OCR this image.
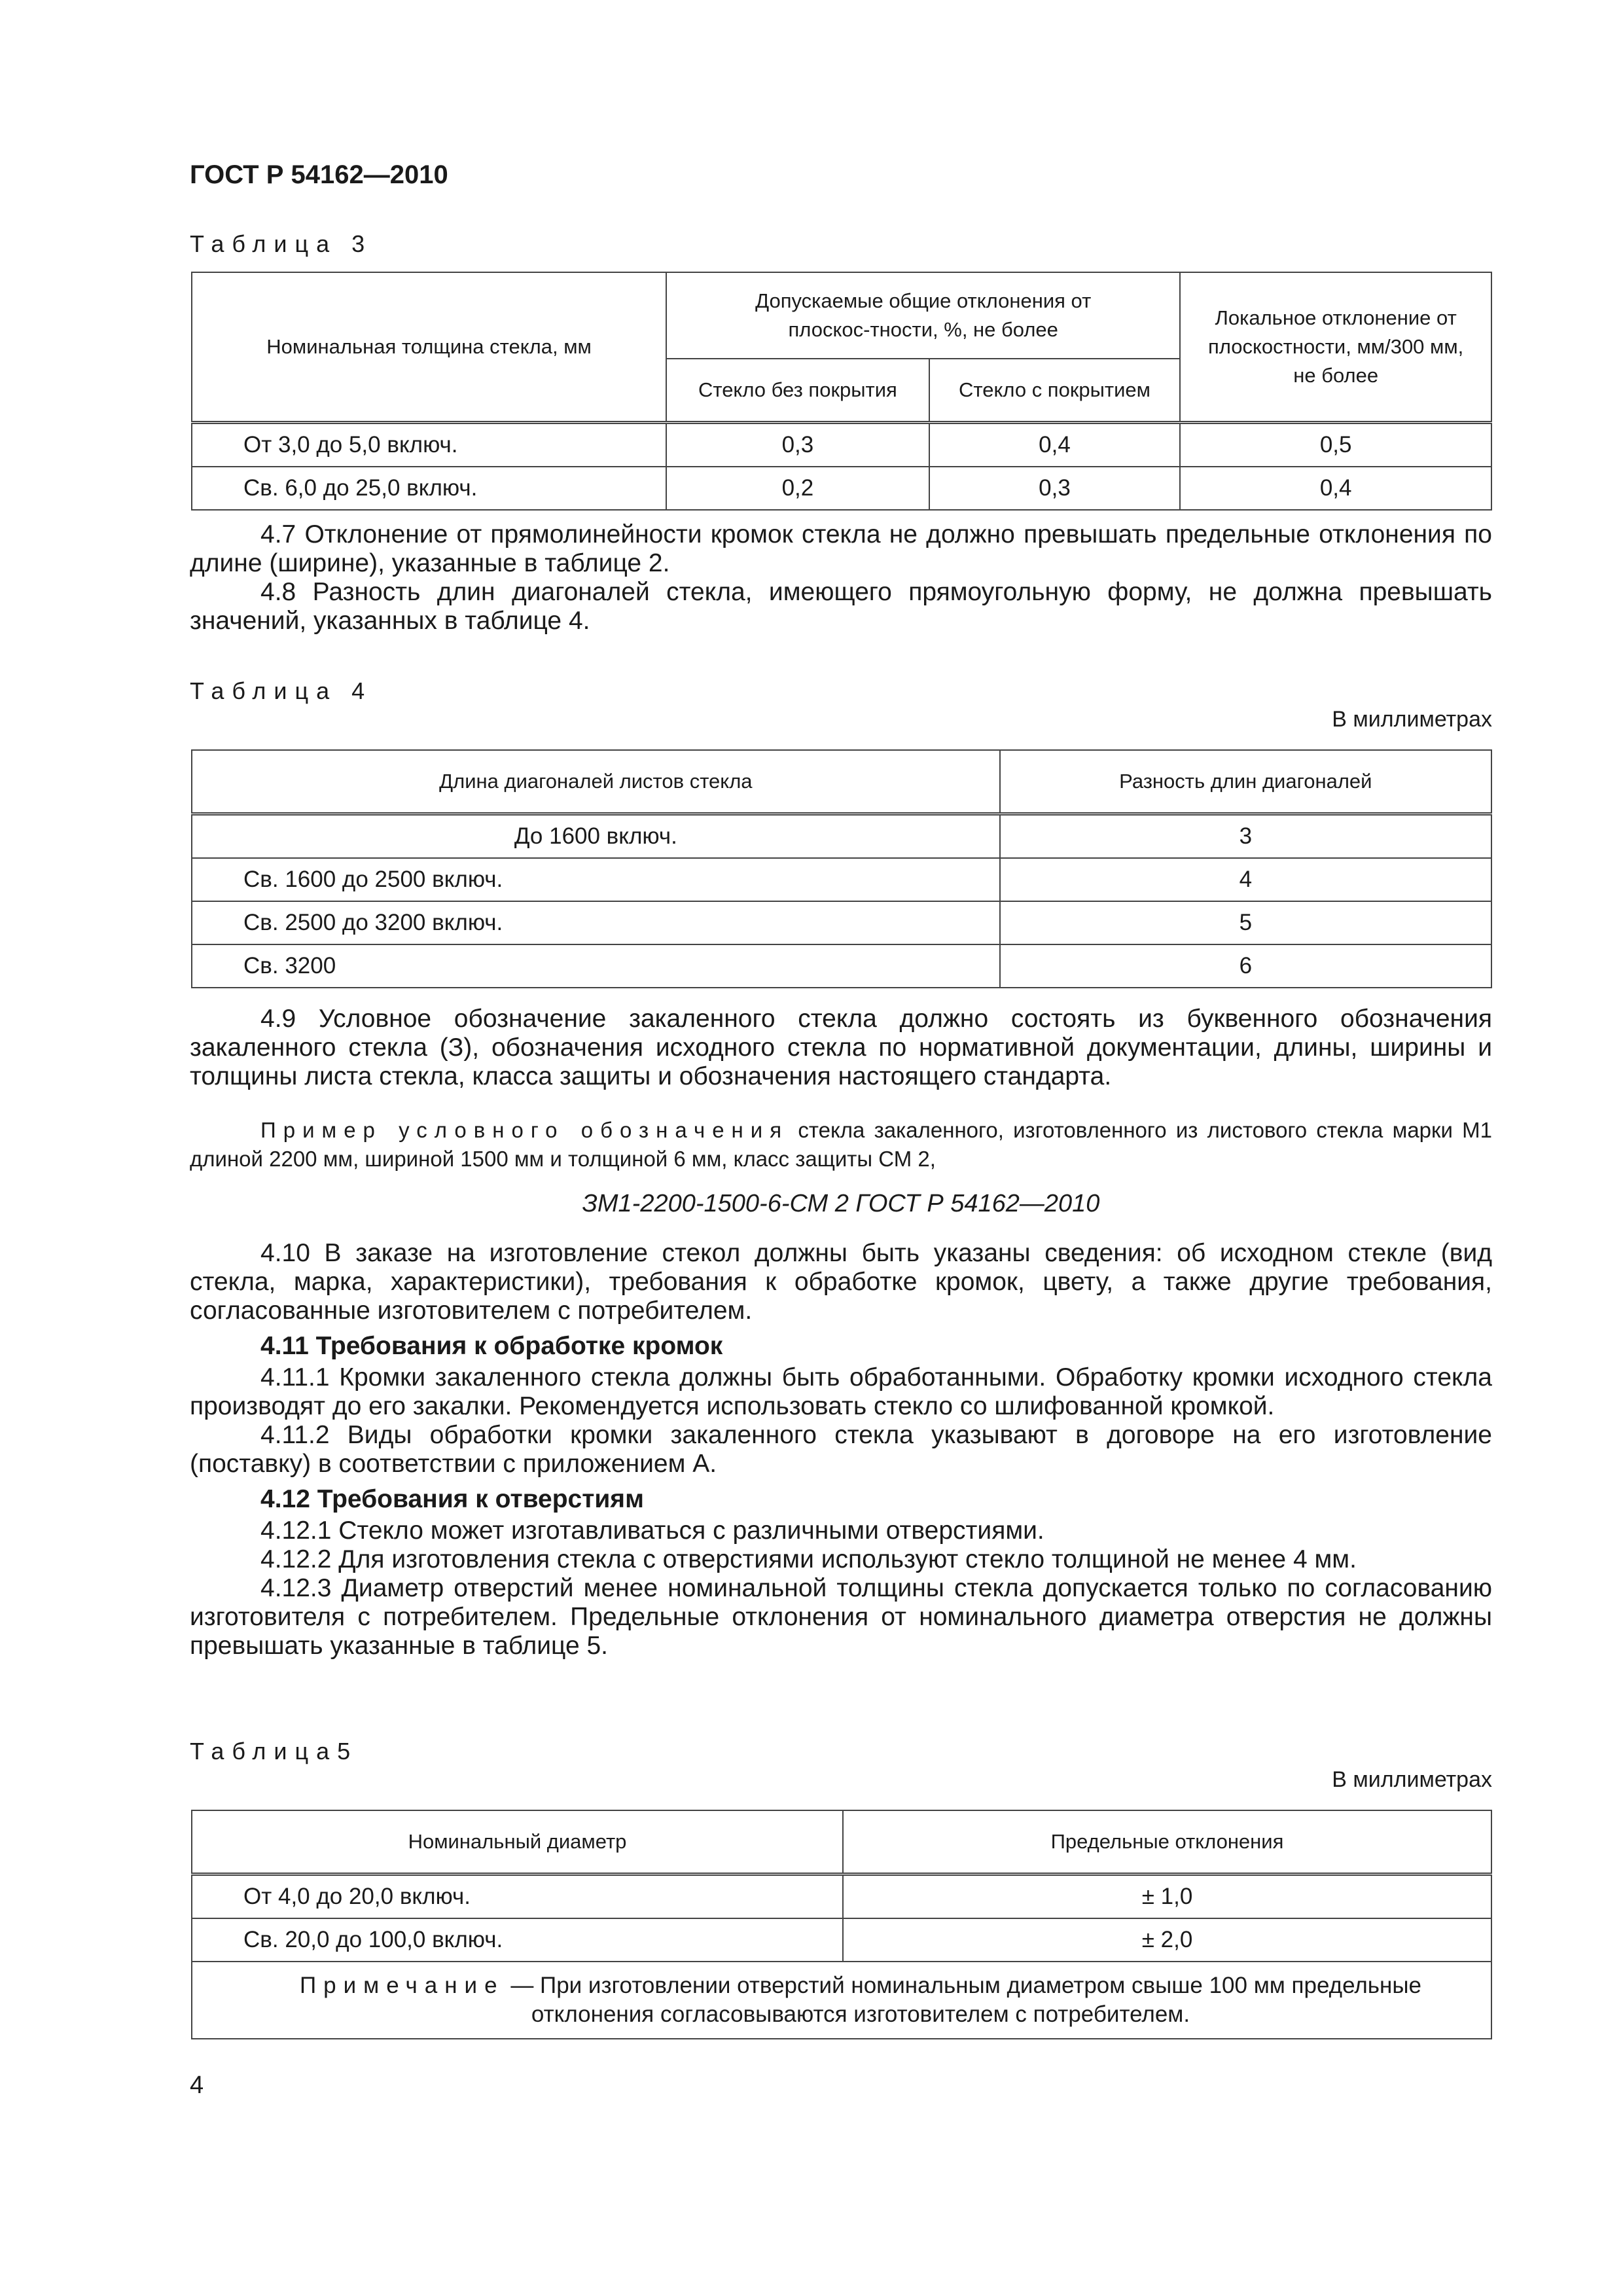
ГОСТ Р 54162—2010
Таблица 3
Номинальная толщина стекла, мм	Допускаемые общие отклонения от плоскос-тности, %, не более		Локальное отклонение от плоскостности, мм/300 мм, не более
	Стекло без покрытия	Стекло с покрытием	
От 3,0 до 5,0 включ.	0,3	0,4	0,5
Св. 6,0 до 25,0 включ.	0,2	0,3	0,4

4.7 Отклонение от прямолинейности кромок стекла не должно превышать предельные отклонения по длине (ширине), указанные в таблице 2.

4.8 Разность длин диагоналей стекла, имеющего прямоугольную форму, не должна превышать значений, указанных в таблице 4.

Таблица 4
В миллиметрах
Длина диагоналей листов стекла	Разность длин диагоналей
До 1600 включ.	3
Св. 1600 до 2500 включ.	4
Св. 2500 до 3200 включ.	5
Св. 3200	6

4.9 Условное обозначение закаленного стекла должно состоять из буквенного обозначения закаленного стекла (З), обозначения исходного стекла по нормативной документации, длины, ширины и толщины листа стекла, класса защиты и обозначения настоящего стандарта.

Пример условного обозначения стекла закаленного, изготовленного из листового стекла марки М1 длиной 2200 мм, шириной 1500 мм и толщиной 6 мм, класс защиты СМ 2,
ЗМ1-2200-1500-6-СМ 2 ГОСТ Р 54162—2010

4.10 В заказе на изготовление стекол должны быть указаны сведения: об исходном стекле (вид стекла, марка, характеристики), требования к обработке кромок, цвету, а также другие требования, согласованные изготовителем с потребителем.

4.11 Требования к обработке кромок

4.11.1 Кромки закаленного стекла должны быть обработанными. Обработку кромки исходного стекла производят до его закалки. Рекомендуется использовать стекло со шлифованной кромкой.

4.11.2 Виды обработки кромки закаленного стекла указывают в договоре на его изготовление (поставку) в соответствии с приложением А.

4.12 Требования к отверстиям

4.12.1 Стекло может изготавливаться с различными отверстиями.

4.12.2 Для изготовления стекла с отверстиями используют стекло толщиной не менее 4 мм.

4.12.3 Диаметр отверстий менее номинальной толщины стекла допускается только по согласованию изготовителя с потребителем. Предельные отклонения от номинального диаметра отверстия не должны превышать указанные в таблице 5.

Таблица5
В миллиметрах
Номинальный диаметр	Предельные отклонения
От 4,0 до 20,0 включ.	± 1,0
Св. 20,0 до 100,0 включ.	± 2,0
Примечание — При изготовлении отверстий номинальным диаметром свыше 100 мм предельные отклонения согласовываются изготовителем с потребителем.	
4
